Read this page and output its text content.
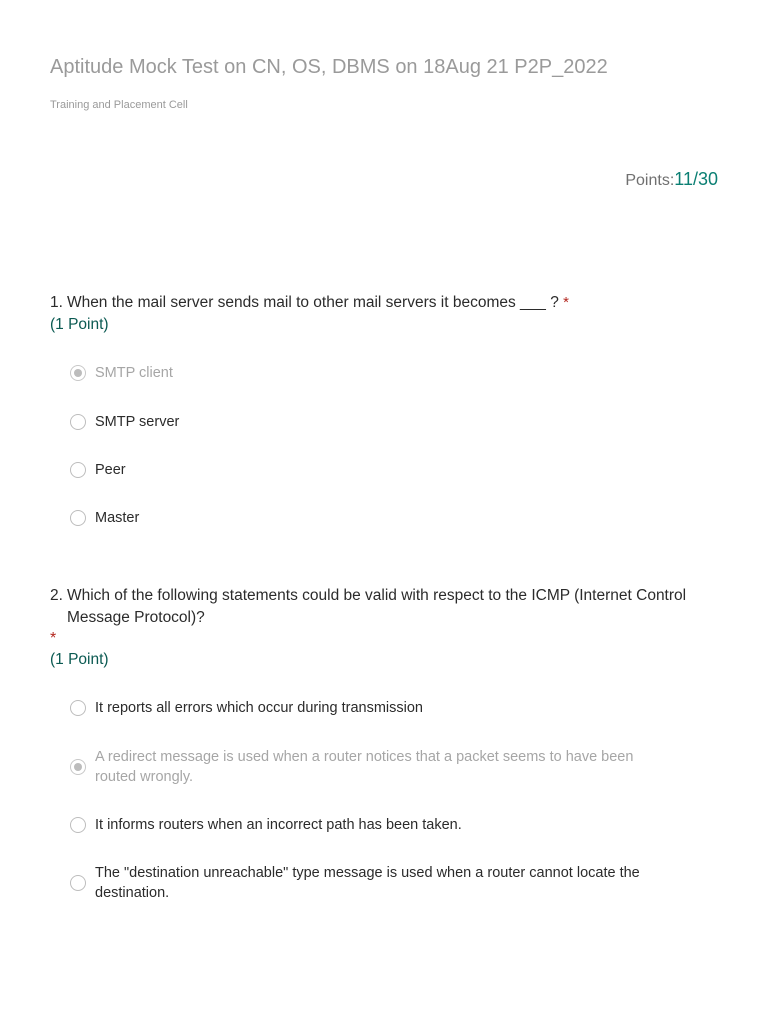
Aptitude Mock Test on CN, OS, DBMS on 18Aug 21 P2P_2022
Training and Placement Cell
Points:11/30
1. When the mail server sends mail to other mail servers it becomes ___ ? *
(1 Point)
SMTP client
SMTP server
Peer
Master
2. Which of the following statements could be valid with respect to the ICMP (Internet Control Message Protocol)?
*
(1 Point)
It reports all errors which occur during transmission
A redirect message is used when a router notices that a packet seems to have been routed wrongly.
It informs routers when an incorrect path has been taken.
The "destination unreachable" type message is used when a router cannot locate the destination.
